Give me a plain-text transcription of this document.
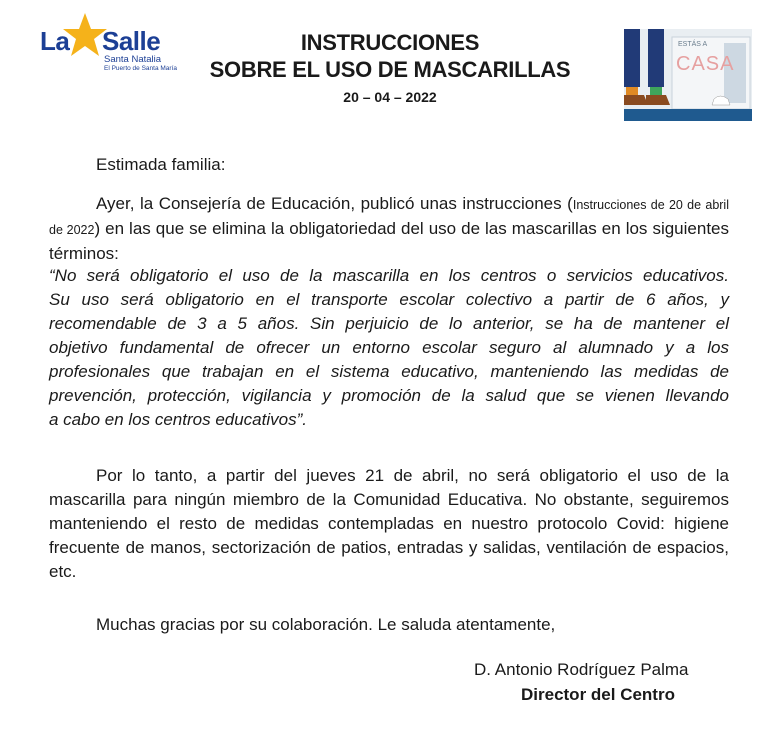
La Salle
Santa Natalia
El Puerto de Santa María
INSTRUCCIONES
SOBRE EL USO DE MASCARILLAS
20 – 04 – 2022
ESTÁS A
CASA
Estimada familia:
Ayer, la Consejería de Educación, publicó unas instrucciones (Instrucciones de 20 de abril de 2022) en las que se elimina la obligatoriedad del uso de las mascarillas en los siguientes términos:
“No será obligatorio el uso de la mascarilla en los centros o servicios educativos.
Su uso será obligatorio en el transporte escolar colectivo a partir de 6 años, y
recomendable de 3 a 5 años. Sin perjuicio de lo anterior, se ha de mantener el
objetivo fundamental de ofrecer un entorno escolar seguro al alumnado y a los
profesionales que trabajan en el sistema educativo, manteniendo las medidas de
prevención, protección, vigilancia y promoción de la salud que se vienen llevando
a cabo en los centros educativos”.
Por lo tanto, a partir del jueves 21 de abril, no será obligatorio el uso de la mascarilla para ningún miembro de la Comunidad Educativa. No obstante, seguiremos manteniendo el resto de medidas contempladas en nuestro protocolo Covid: higiene frecuente de manos, sectorización de patios, entradas y salidas, ventilación de espacios, etc.
Muchas gracias por su colaboración. Le saluda atentamente,
D. Antonio Rodríguez Palma
Director del Centro
